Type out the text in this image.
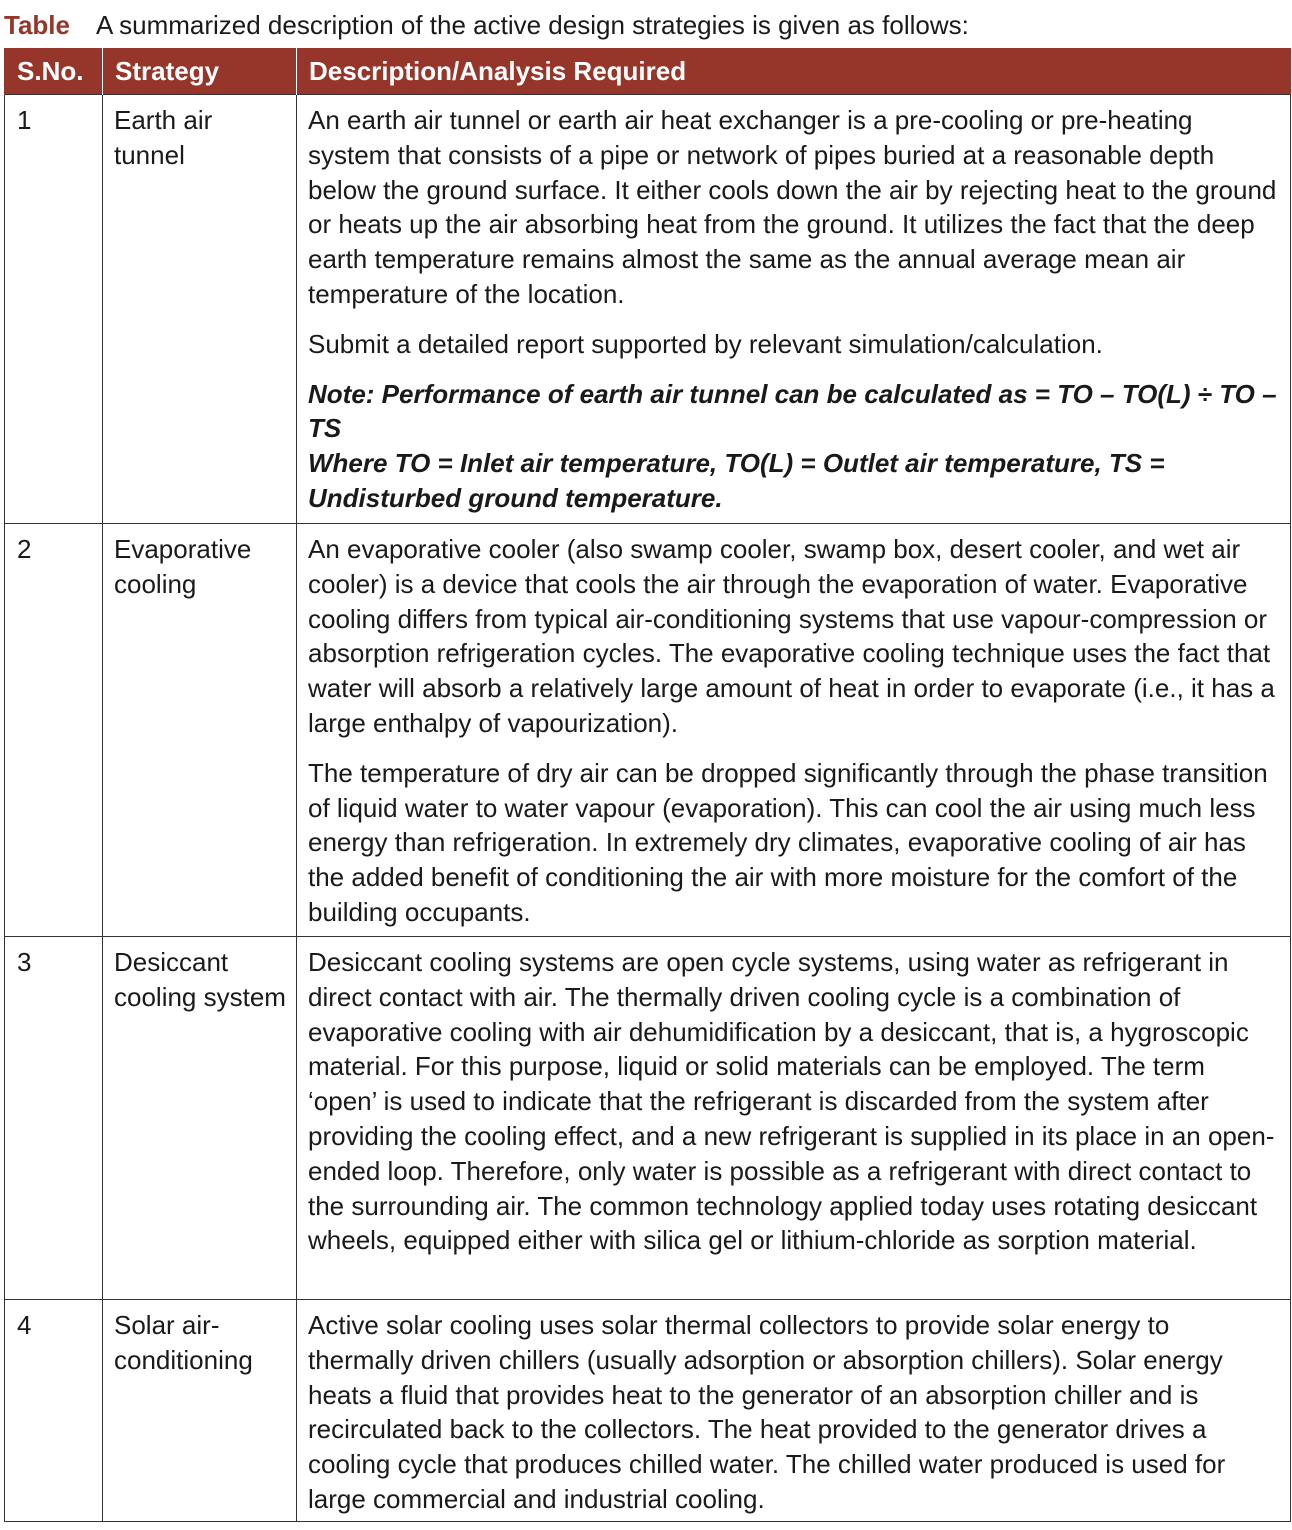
Table A summarized description of the active design strategies is given as follows:
S.No.	Strategy	Description/Analysis Required
1	Earth air tunnel	An earth air tunnel or earth air heat exchanger is a pre-cooling or pre-heating system that consists of a pipe or network of pipes buried at a reasonable depth below the ground surface. It either cools down the air by rejecting heat to the ground or heats up the air absorbing heat from the ground. It utilizes the fact that the deep earth temperature remains almost the same as the annual average mean air temperature of the location.

Submit a detailed report supported by relevant simulation/calculation.

Note: Performance of earth air tunnel can be calculated as = TO – TO(L) ÷ TO – TS
Where TO = Inlet air temperature, TO(L) = Outlet air temperature, TS = Undisturbed ground temperature.

2	Evaporative cooling	An evaporative cooler (also swamp cooler, swamp box, desert cooler, and wet air cooler) is a device that cools the air through the evaporation of water. Evaporative cooling differs from typical air-conditioning systems that use vapour-compression or absorption refrigeration cycles. The evaporative cooling technique uses the fact that water will absorb a relatively large amount of heat in order to evaporate (i.e., it has a large enthalpy of vapourization).

The temperature of dry air can be dropped significantly through the phase transition of liquid water to water vapour (evaporation). This can cool the air using much less energy than refrigeration. In extremely dry climates, evaporative cooling of air has the added benefit of conditioning the air with more moisture for the comfort of the building occupants.

3	Desiccant cooling system	Desiccant cooling systems are open cycle systems, using water as refrigerant in direct contact with air. The thermally driven cooling cycle is a combination of evaporative cooling with air dehumidification by a desiccant, that is, a hygroscopic material. For this purpose, liquid or solid materials can be employed. The term ‘open’ is used to indicate that the refrigerant is discarded from the system after providing the cooling effect, and a new refrigerant is supplied in its place in an open-ended loop. Therefore, only water is possible as a refrigerant with direct contact to the surrounding air. The common technology applied today uses rotating desiccant wheels, equipped either with silica gel or lithium-chloride as sorption material.

4	Solar air-conditioning	Active solar cooling uses solar thermal collectors to provide solar energy to thermally driven chillers (usually adsorption or absorption chillers). Solar energy heats a fluid that provides heat to the generator of an absorption chiller and is recirculated back to the collectors. The heat provided to the generator drives a cooling cycle that produces chilled water. The chilled water produced is used for large commercial and industrial cooling.
